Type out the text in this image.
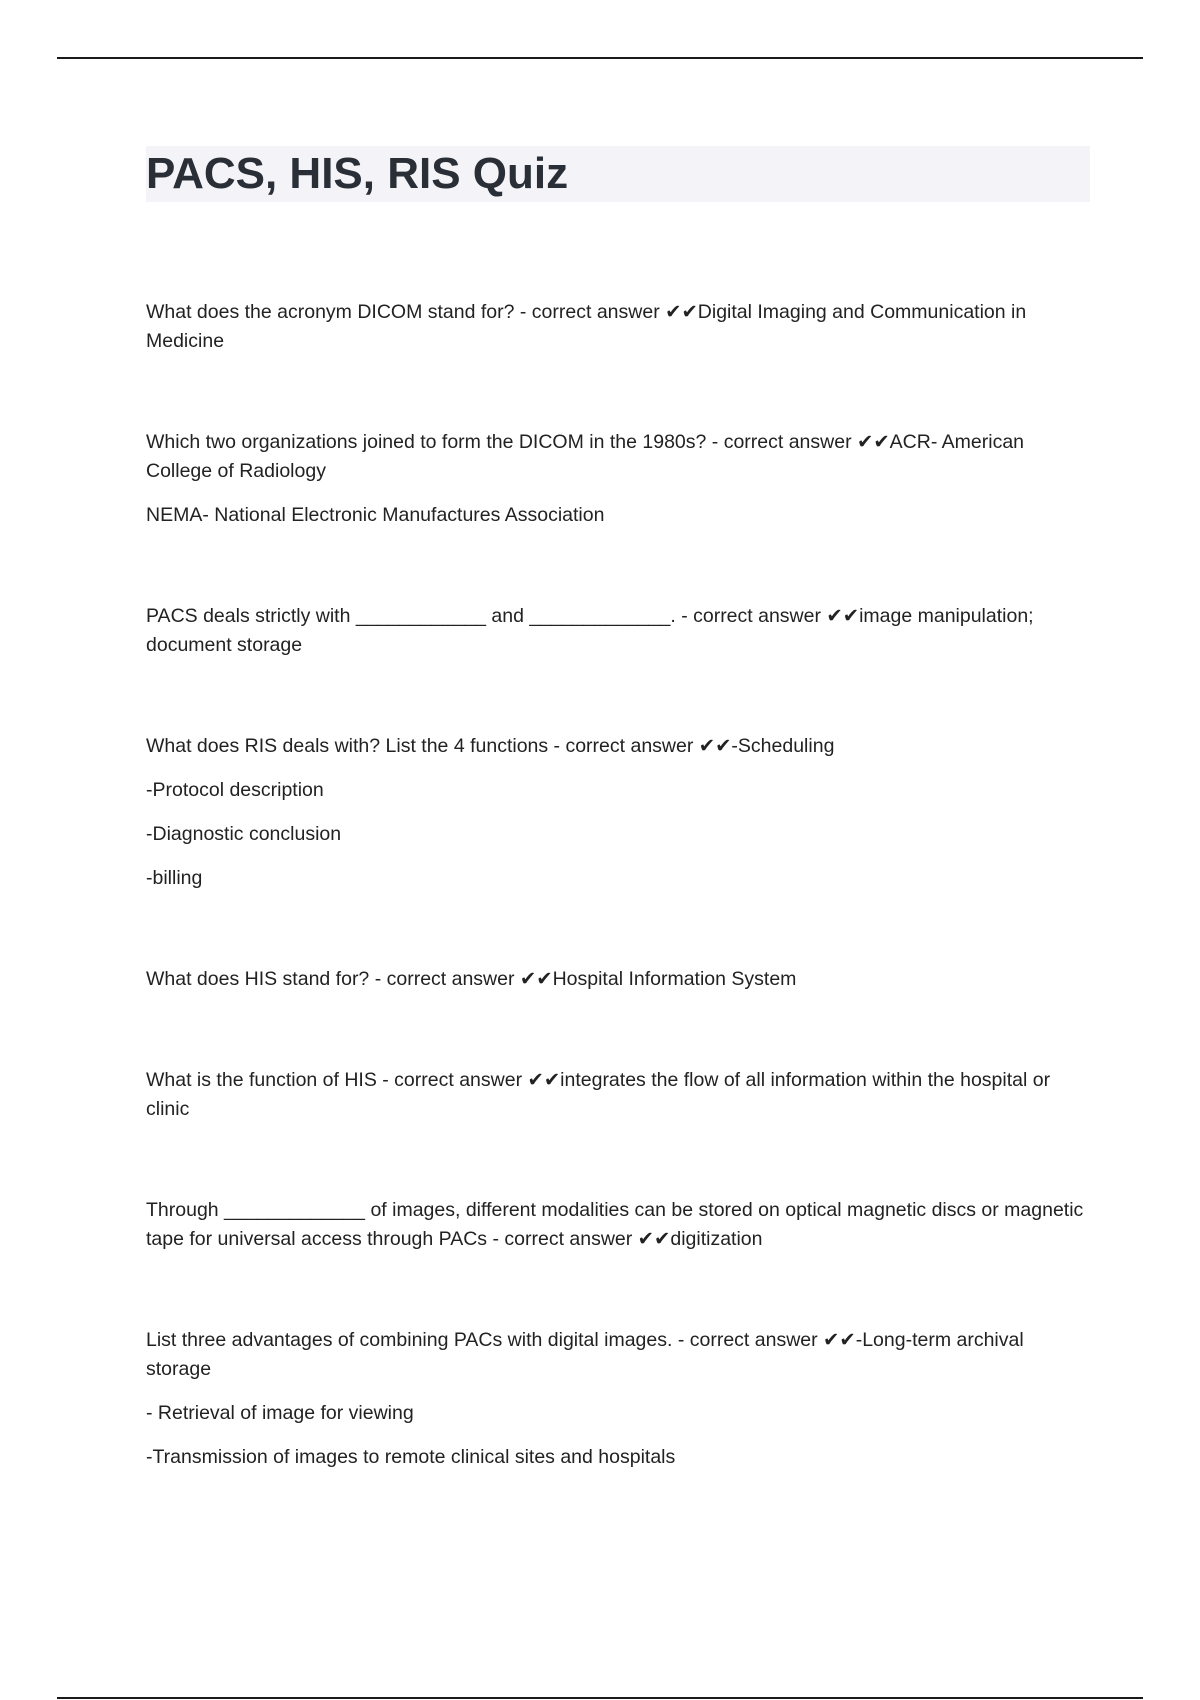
PACS, HIS, RIS Quiz

What does the acronym DICOM stand for? - correct answer ✔✔Digital Imaging and Communication in Medicine

Which two organizations joined to form the DICOM in the 1980s? - correct answer ✔✔ACR- American College of Radiology

NEMA- National Electronic Manufactures Association

PACS deals strictly with ____________ and _____________. - correct answer ✔✔image manipulation; document storage

What does RIS deals with? List the 4 functions - correct answer ✔✔-Scheduling

-Protocol description

-Diagnostic conclusion

-billing

What does HIS stand for? - correct answer ✔✔Hospital Information System

What is the function of HIS - correct answer ✔✔integrates the flow of all information within the hospital or clinic

Through _____________ of images, different modalities can be stored on optical magnetic discs or magnetic tape for universal access through PACs - correct answer ✔✔digitization

List three advantages of combining PACs with digital images. - correct answer ✔✔-Long-term archival storage

- Retrieval of image for viewing

-Transmission of images to remote clinical sites and hospitals
